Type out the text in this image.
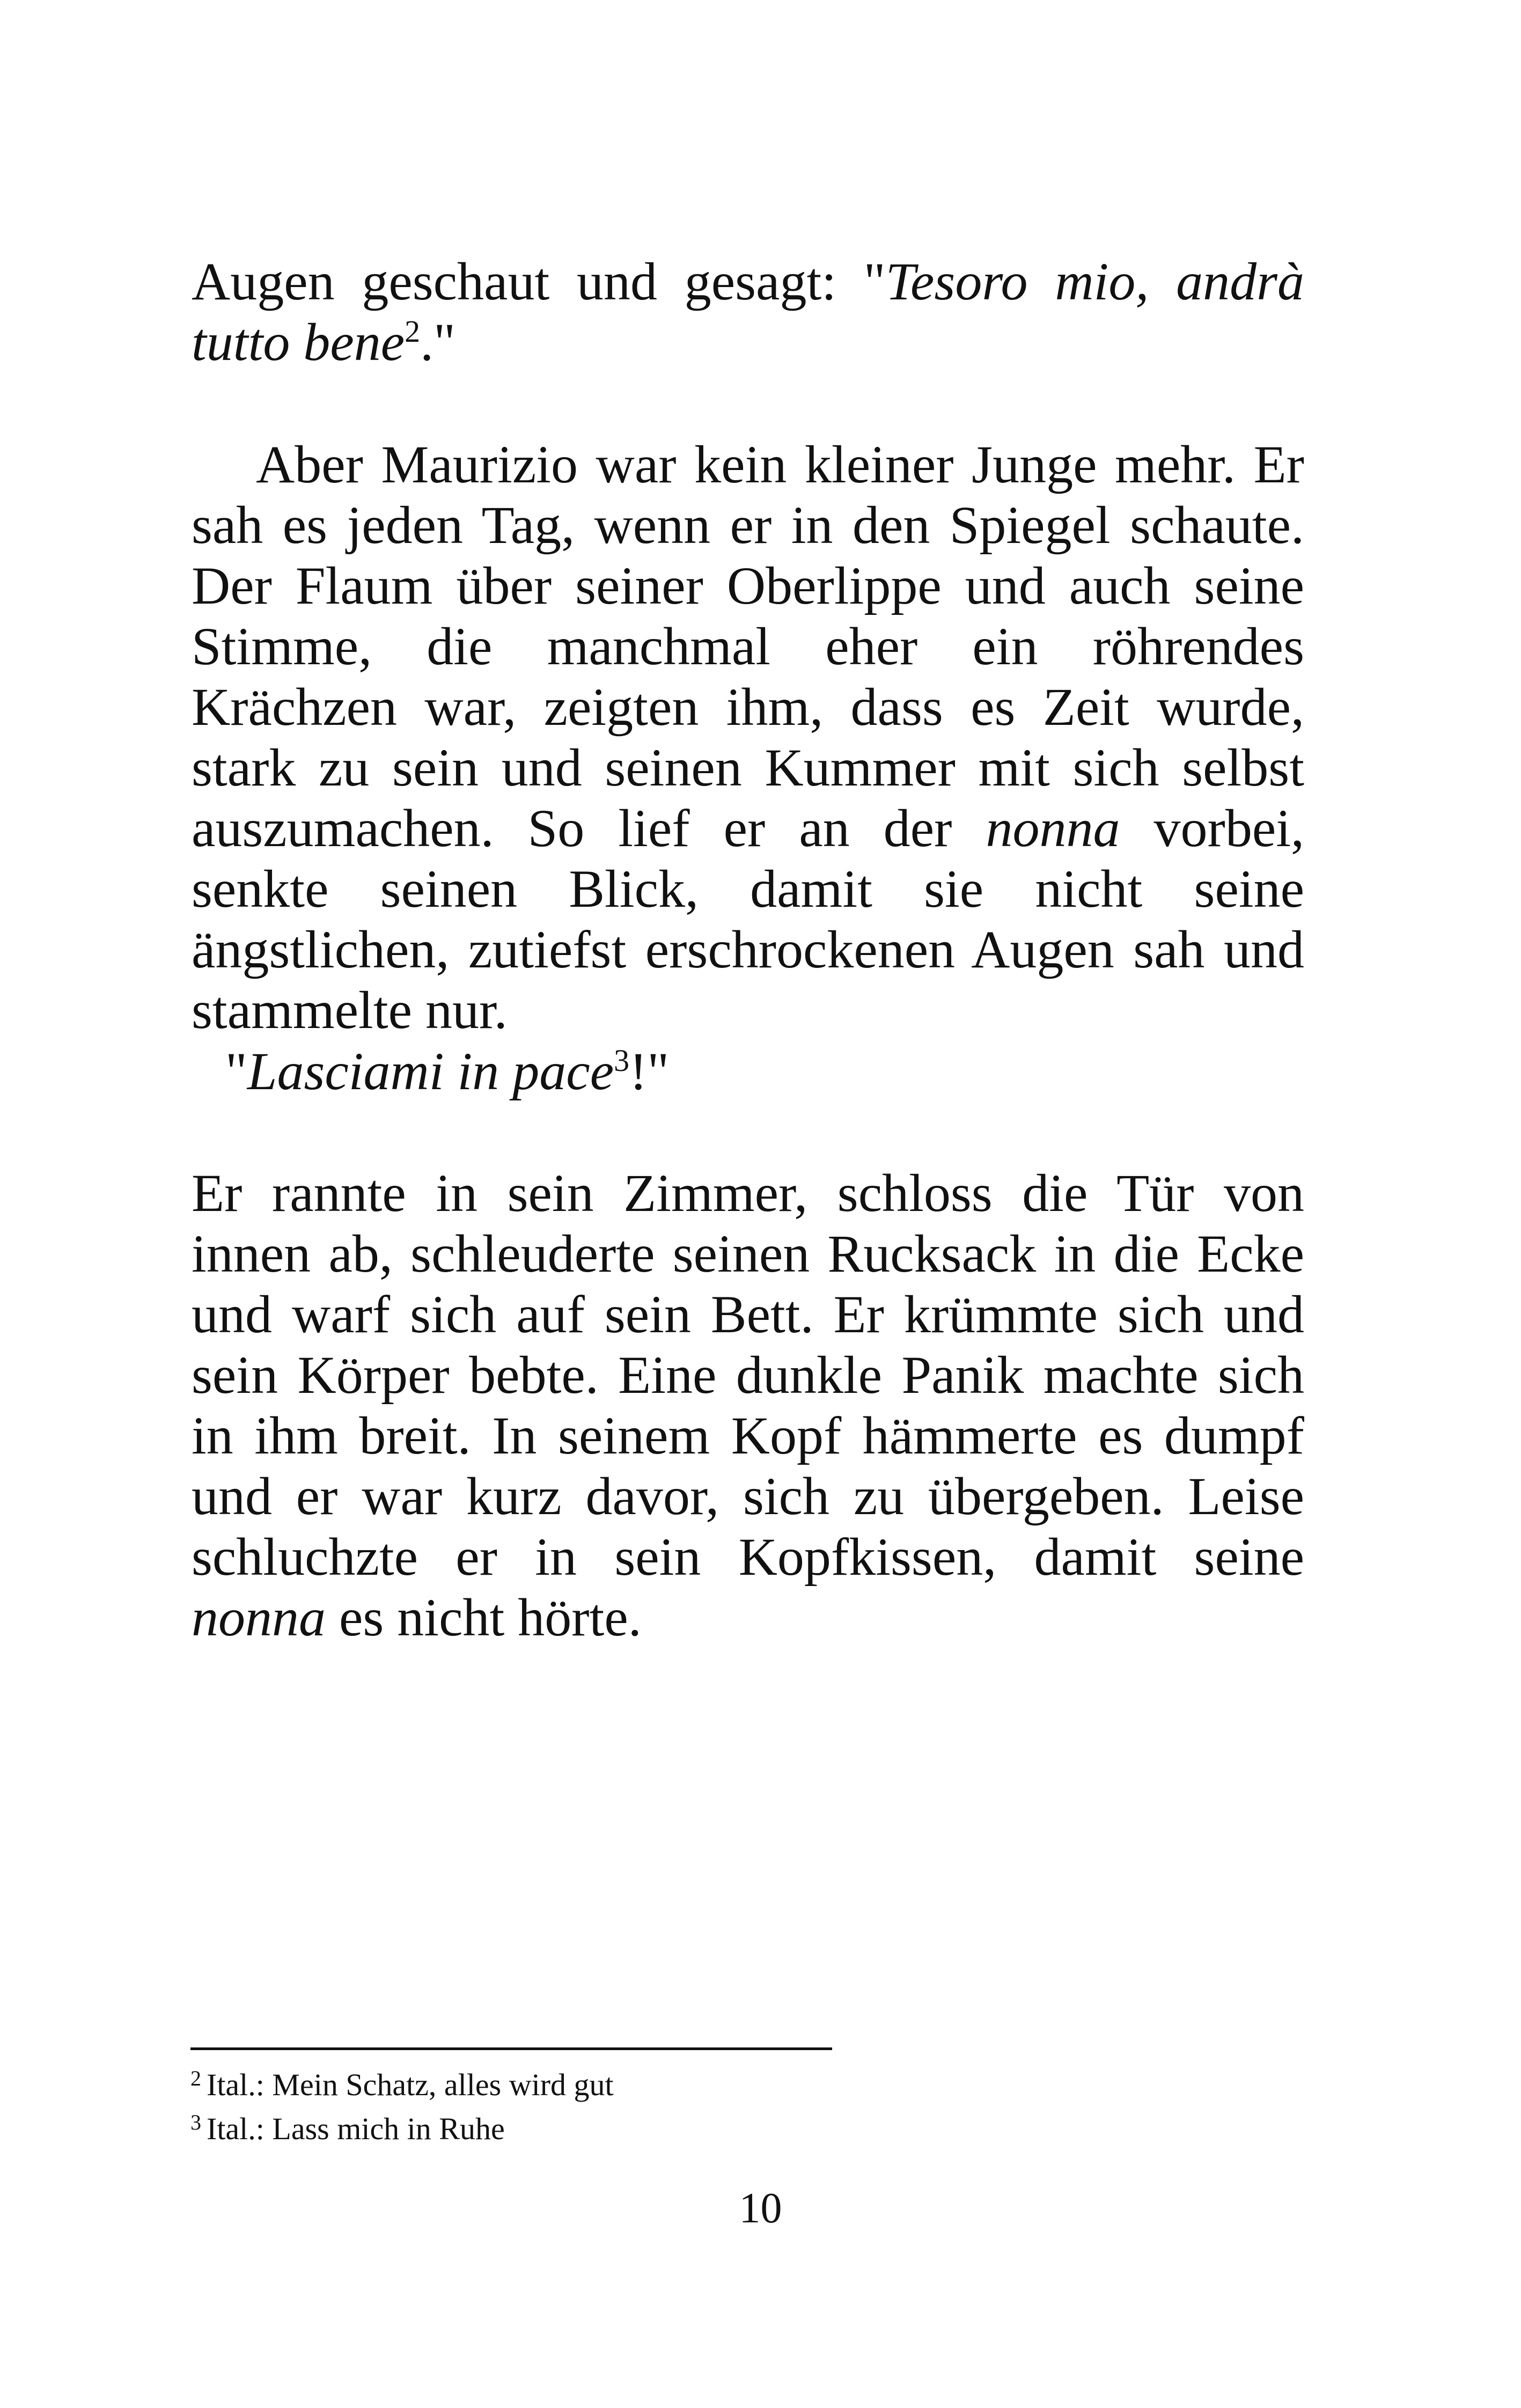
Augen geschaut und gesagt: "Tesoro mio, andrà tutto bene$^2$."

Aber Maurizio war kein kleiner Junge mehr. Er sah es jeden Tag, wenn er in den Spiegel schaute. Der Flaum über seiner Oberlippe und auch seine Stimme, die manchmal eher ein röhrendes Krächzen war, zeigten ihm, dass es Zeit wurde, stark zu sein und seinen Kummer mit sich selbst auszumachen. So lief er an der nonna vorbei, senkte seinen Blick, damit sie nicht seine ängstlichen, zutiefst erschrockenen Augen sah und stammelte nur.

"Lasciami in pace$^3$!"

Er rannte in sein Zimmer, schloss die Tür von innen ab, schleuderte seinen Rucksack in die Ecke und warf sich auf sein Bett. Er krümmte sich und sein Körper bebte. Eine dunkle Panik machte sich in ihm breit. In seinem Kopf hämmerte es dumpf und er war kurz davor, sich zu übergeben. Leise schluchzte er in sein Kopfkissen, damit seine nonna es nicht hörte.

$^2$ Ital.: Mein Schatz, alles wird gut

$^3$ Ital.: Lass mich in Ruhe

10
